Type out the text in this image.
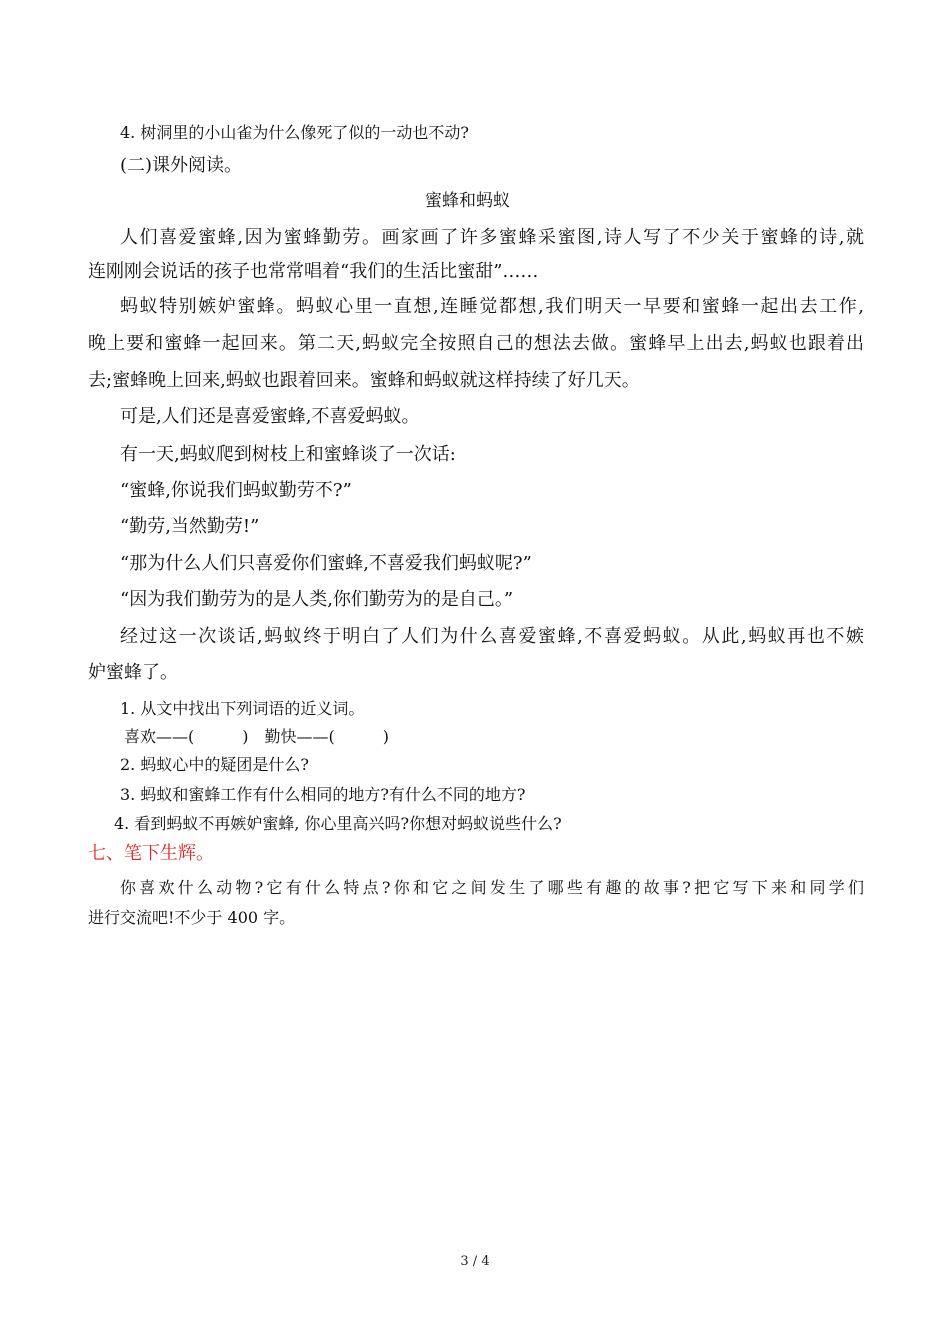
4. 树洞里的小山雀为什么像死了似的一动也不动?
(二)课外阅读。
蜜蜂和蚂蚁
人们喜爱蜜蜂,因为蜜蜂勤劳。画家画了许多蜜蜂采蜜图,诗人写了不少关于蜜蜂的诗,就
连刚刚会说话的孩子也常常唱着“我们的生活比蜜甜”……
蚂蚁特别嫉妒蜜蜂。蚂蚁心里一直想,连睡觉都想,我们明天一早要和蜜蜂一起出去工作,
晚上要和蜜蜂一起回来。第二天,蚂蚁完全按照自己的想法去做。蜜蜂早上出去,蚂蚁也跟着出
去;蜜蜂晚上回来,蚂蚁也跟着回来。蜜蜂和蚂蚁就这样持续了好几天。
可是,人们还是喜爱蜜蜂,不喜爱蚂蚁。
有一天,蚂蚁爬到树枝上和蜜蜂谈了一次话:
“蜜蜂,你说我们蚂蚁勤劳不?”
“勤劳,当然勤劳!”
“那为什么人们只喜爱你们蜜蜂,不喜爱我们蚂蚁呢?”
“因为我们勤劳为的是人类,你们勤劳为的是自己。”
经过这一次谈话,蚂蚁终于明白了人们为什么喜爱蜜蜂,不喜爱蚂蚁。从此,蚂蚁再也不嫉
妒蜜蜂了。
1. 从文中找出下列词语的近义词。
喜欢——(　　　)　勤快——(　　　)
2. 蚂蚁心中的疑团是什么?
3. 蚂蚁和蜜蜂工作有什么相同的地方?有什么不同的地方?
4. 看到蚂蚁不再嫉妒蜜蜂, 你心里高兴吗?你想对蚂蚁说些什么?
七、笔下生辉。
你喜欢什么动物?它有什么特点?你和它之间发生了哪些有趣的故事?把它写下来和同学们
进行交流吧!不少于 400 字。
3 / 4
